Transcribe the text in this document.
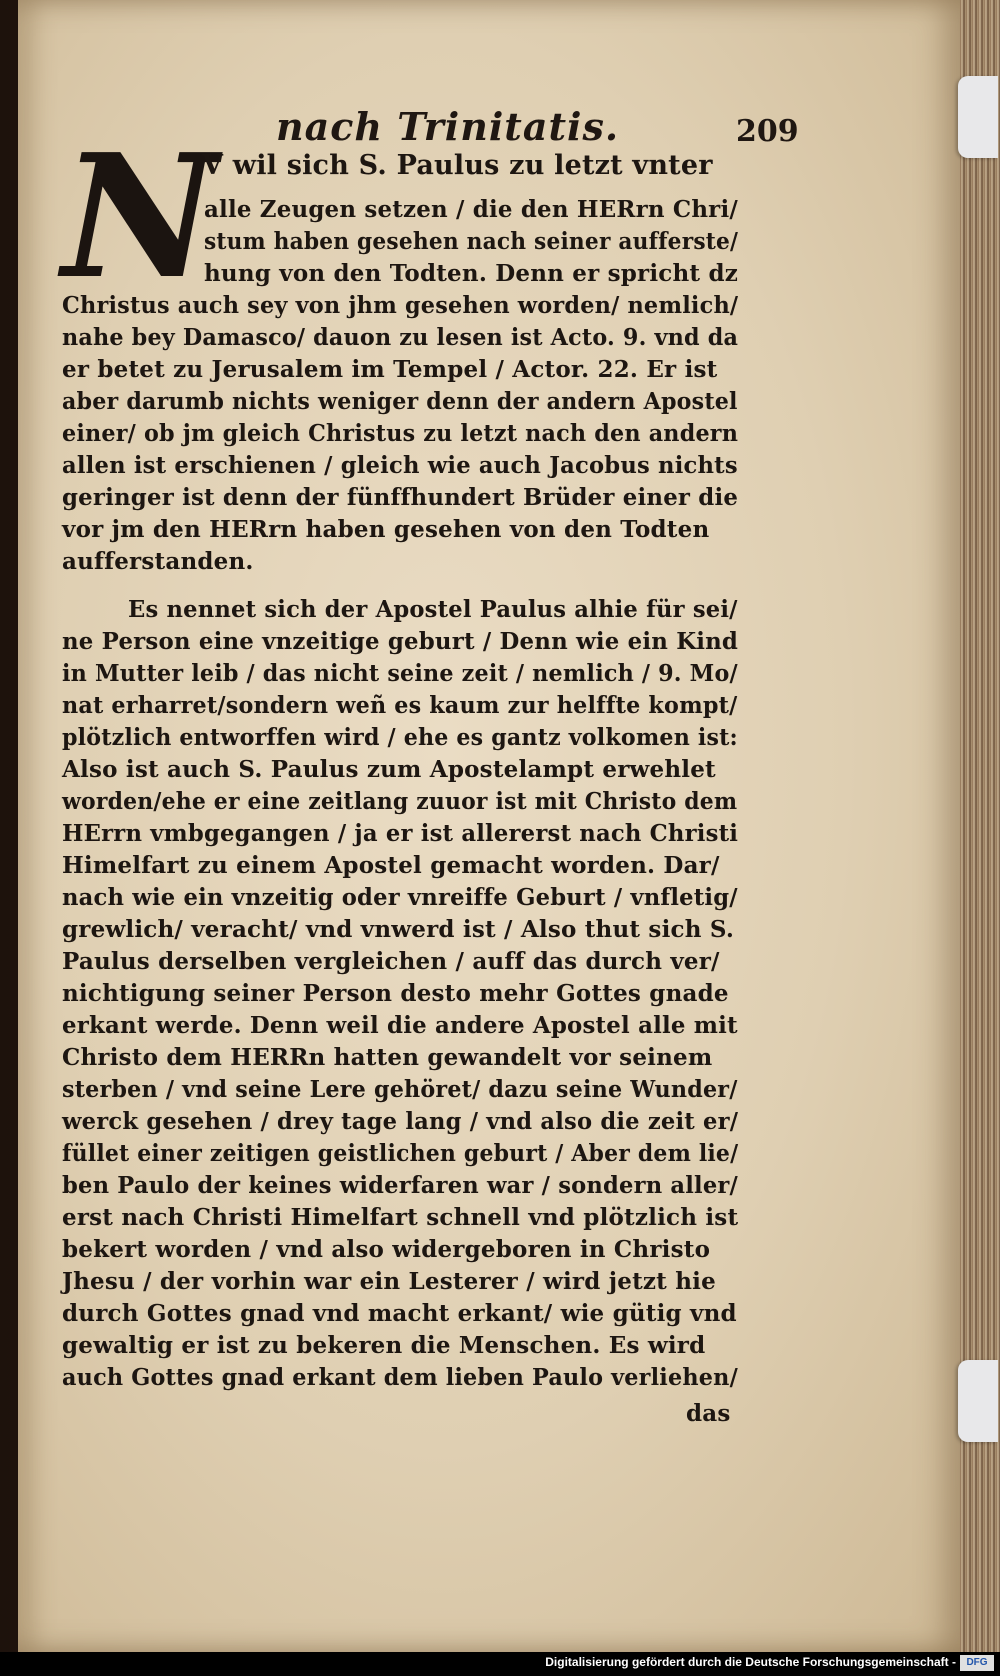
nach Trinitatis.	209
N
V wil sich S. Paulus zu letzt vnter
alle Zeugen setzen / die den HERrn Chri/
stum haben gesehen nach seiner aufferste/
hung von den Todten. Denn er spricht dz
Christus auch sey von jhm gesehen worden/ nemlich/
nahe bey Damasco/ dauon zu lesen ist Acto. 9. vnd da
er betet zu Jerusalem im Tempel / Actor. 22. Er ist
aber darumb nichts weniger denn der andern Apostel
einer/ ob jm gleich Christus zu letzt nach den andern
allen ist erschienen / gleich wie auch Jacobus nichts
geringer ist denn der fünffhundert Brüder einer die
vor jm den HERrn haben gesehen von den Todten
aufferstanden.
Es nennet sich der Apostel Paulus alhie für sei/
ne Person eine vnzeitige geburt / Denn wie ein Kind
in Mutter leib / das nicht seine zeit / nemlich / 9. Mo/
nat erharret/sondern weñ es kaum zur helffte kompt/
plötzlich entworffen wird / ehe es gantz volkomen ist:
Also ist auch S. Paulus zum Apostelampt erwehlet
worden/ehe er eine zeitlang zuuor ist mit Christo dem
HErrn vmbgegangen / ja er ist allererst nach Christi
Himelfart zu einem Apostel gemacht worden. Dar/
nach wie ein vnzeitig oder vnreiffe Geburt / vnfletig/
grewlich/ veracht/ vnd vnwerd ist / Also thut sich S.
Paulus derselben vergleichen / auff das durch ver/
nichtigung seiner Person desto mehr Gottes gnade
erkant werde. Denn weil die andere Apostel alle mit
Christo dem HERRn hatten gewandelt vor seinem
sterben / vnd seine Lere gehöret/ dazu seine Wunder/
werck gesehen / drey tage lang / vnd also die zeit er/
füllet einer zeitigen geistlichen geburt / Aber dem lie/
ben Paulo der keines widerfaren war / sondern aller/
erst nach Christi Himelfart schnell vnd plötzlich ist
bekert worden / vnd also widergeboren in Christo
Jhesu / der vorhin war ein Lesterer / wird jetzt hie
durch Gottes gnad vnd macht erkant/ wie gütig vnd
gewaltig er ist zu bekeren die Menschen. Es wird
auch Gottes gnad erkant dem lieben Paulo verliehen/
das
Digitalisierung gefördert durch die Deutsche Forschungsgemeinschaft -	DFG
